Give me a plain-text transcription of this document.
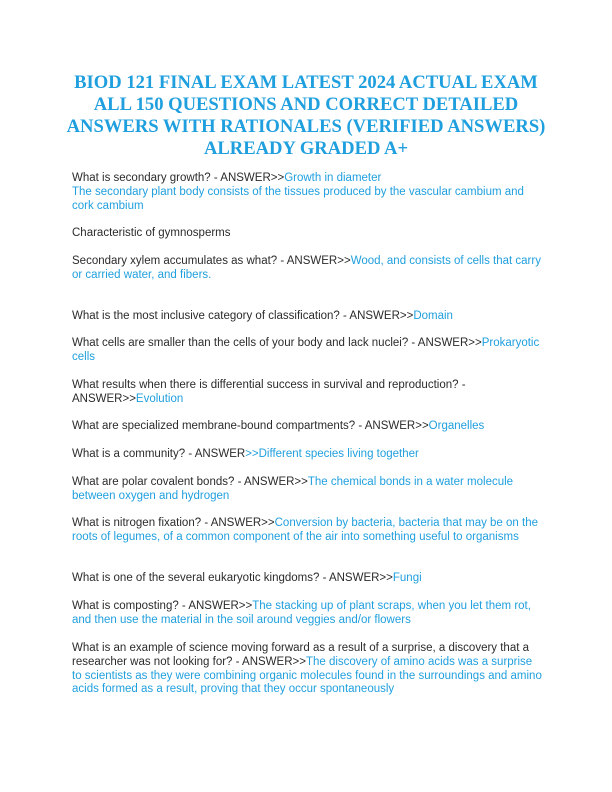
BIOD 121 FINAL EXAM LATEST 2024 ACTUAL EXAM ALL 150 QUESTIONS AND CORRECT DETAILED ANSWERS WITH RATIONALES (VERIFIED ANSWERS) ALREADY GRADED A+

What is secondary growth? - ANSWER>>Growth in diameter
The secondary plant body consists of the tissues produced by the vascular cambium and cork cambium

Characteristic of gymnosperms

Secondary xylem accumulates as what? - ANSWER>>Wood, and consists of cells that carry or carried water, and fibers.

What is the most inclusive category of classification? - ANSWER>>Domain

What cells are smaller than the cells of your body and lack nuclei? - ANSWER>>Prokaryotic cells

What results when there is differential success in survival and reproduction? - ANSWER>>Evolution

What are specialized membrane-bound compartments? - ANSWER>>Organelles

What is a community? - ANSWER>>Different species living together

What are polar covalent bonds? - ANSWER>>The chemical bonds in a water molecule between oxygen and hydrogen

What is nitrogen fixation? - ANSWER>>Conversion by bacteria, bacteria that may be on the roots of legumes, of a common component of the air into something useful to organisms

What is one of the several eukaryotic kingdoms? - ANSWER>>Fungi

What is composting? - ANSWER>>The stacking up of plant scraps, when you let them rot, and then use the material in the soil around veggies and/or flowers

What is an example of science moving forward as a result of a surprise, a discovery that a researcher was not looking for? - ANSWER>>The discovery of amino acids was a surprise to scientists as they were combining organic molecules found in the surroundings and amino acids formed as a result, proving that they occur spontaneously
